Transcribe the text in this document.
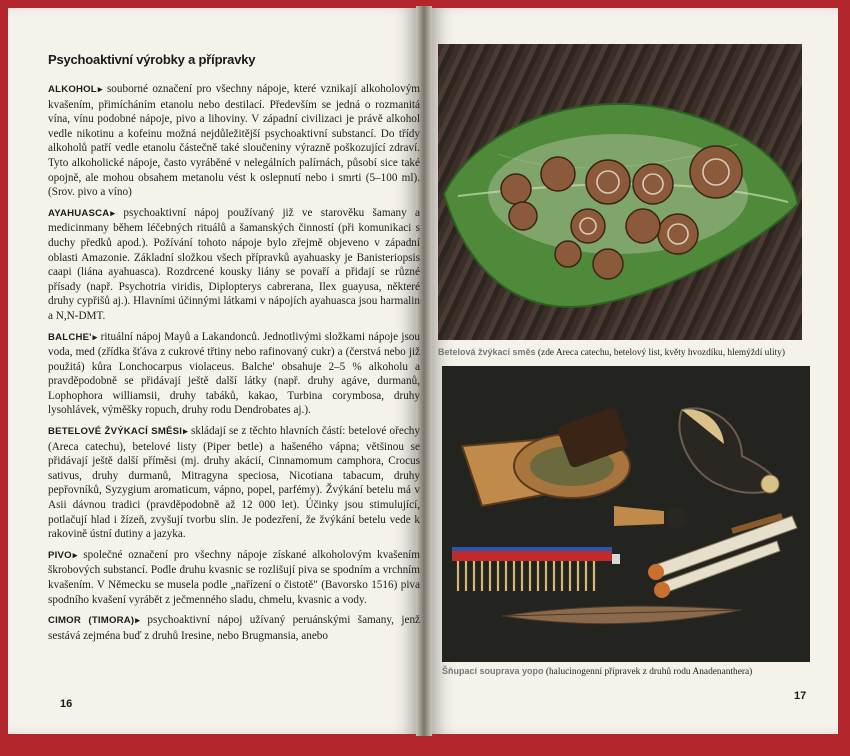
Psychoaktivní výrobky a přípravky

ALKOHOL ▸ souborné označení pro všechny nápoje, které vznikají alkoholovým kvašením, přimícháním etanolu nebo destilací. Především se jedná o rozmanitá vína, vínu podobné nápoje, pivo a lihoviny. V západní civilizaci je právě alkohol vedle nikotinu a kofeinu možná nejdůležitější psychoaktivní substancí. Do třídy alkoholů patří vedle etanolu částečně také sloučeniny výrazně poškozující zdraví. Tyto alkoholické nápoje, často vyráběné v nelegálních palírnách, působí sice také opojně, ale mohou obsahem metanolu vést k oslepnutí nebo i smrti (5–100 ml). (Srov. pivo a víno)

AYAHUASCA ▸ psychoaktivní nápoj používaný již ve starověku šamany a medicinmany během léčebných rituálů a šamanských činností (při komunikaci s duchy předků apod.). Požívání tohoto nápoje bylo zřejmě objeveno v západní oblasti Amazonie. Základní složkou všech přípravků ayahuasky je Banisteriopsis caapi (liána ayahuasca). Rozdrcené kousky liány se povaří a přidají se různé přísady (např. Psychotria viridis, Diplopterys cabrerana, Ilex guayusa, některé druhy cypřišů aj.). Hlavními účinnými látkami v nápojích ayahuasca jsou harmalin a N,N-DMT.

BALCHE' ▸ rituální nápoj Mayů a Lakandonců. Jednotlivými složkami nápoje jsou voda, med (zřídka šťáva z cukrové třtiny nebo rafinovaný cukr) a (čerstvá nebo již použitá) kůra Lonchocarpus violaceus. Balche' obsahuje 2–5 % alkoholu a pravděpodobně se přidávají ještě další látky (např. druhy agáve, durmanů, Lophophora williamsii, druhy tabáků, kakao, Turbina corymbosa, druhy lysohlávek, výměšky ropuch, druhy rodu Dendrobates aj.).

BETELOVÉ ŽVÝKACÍ SMĚSI ▸ skládají se z těchto hlavních částí: betelové ořechy (Areca catechu), betelové listy (Piper betle) a hašeného vápna; většinou se přidávají ještě další příměsi (mj. druhy akácií, Cinnamomum camphora, Crocus sativus, druhy durmanů, Mitragyna speciosa, Nicotiana tabacum, druhy pepřovníků, Syzygium aromaticum, vápno, popel, parfémy). Žvýkání betelu má v Asii dávnou tradici (pravděpodobně až 12 000 let). Účinky jsou stimulující, potlačují hlad i žízeň, zvyšují tvorbu slin. Je podezření, že žvýkání betelu vede k rakovině ústní dutiny a jazyka.

PIVO ▸ společné označení pro všechny nápoje získané alkoholovým kvašením škrobových substancí. Podle druhu kvasnic se rozlišují piva se spodním a vrchním kvašením. V Německu se musela podle „nařízení o čistotě" (Bavorsko 1516) piva spodního kvašení vyrábět z ječmenného sladu, chmelu, kvasnic a vody.

CIMOR (TIMORA) ▸ psychoaktivní nápoj užívaný peruánskými šamany, jenž sestává zejména buď z druhů Iresine, nebo Brugmansia, anebo

16
Betelová žvýkací směs (zde Areca catechu, betelový list, květy hvozdíku, hlemýždí ulity)
Šňupací souprava yopo (halucinogenní přípravek z druhů rodu Anadenanthera)
17
